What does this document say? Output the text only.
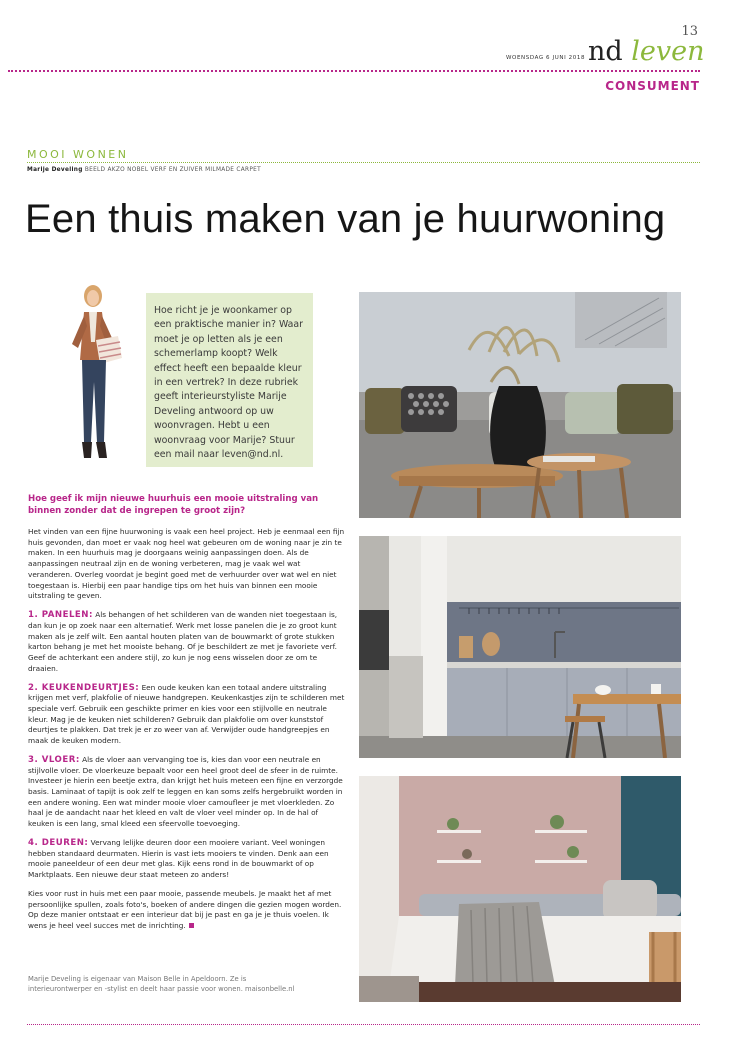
13
WOENSDAG 6 JUNI 2018 nd leven
CONSUMENT
MOOI WONEN
Marije Develing BEELD AKZO NOBEL VERF EN ZUIVER MILMADE CARPET
Een thuis maken van je huurwoning

Hoe richt je je woonkamer op een praktische manier in? Waar moet je op letten als je een schemerlamp koopt? Welk effect heeft een bepaalde kleur in een vertrek? In deze rubriek geeft interieurstyliste Marije Develing antwoord op uw woonvragen. Hebt u een woonvraag voor Marije? Stuur een mail naar leven@nd.nl.

Hoe geef ik mijn nieuwe huurhuis een mooie uitstraling van binnen zonder dat de ingrepen te groot zijn?

Het vinden van een fijne huurwoning is vaak een heel project. Heb je eenmaal een fijn huis gevonden, dan moet er vaak nog heel wat gebeuren om de woning naar je zin te maken. In een huurhuis mag je doorgaans weinig aanpassingen doen. Als de aanpassingen neutraal zijn en de woning verbeteren, mag je vaak wel wat veranderen. Overleg voordat je begint goed met de verhuurder over wat wel en niet toegestaan is. Hierbij een paar handige tips om het huis van binnen een mooie uitstraling te geven.

1. PANELEN: Als behangen of het schilderen van de wanden niet toegestaan is, dan kun je op zoek naar een alternatief. Werk met losse panelen die je zo groot kunt maken als je zelf wilt. Een aantal houten platen van de bouwmarkt of grote stukken karton behang je met het mooiste behang. Of je beschildert ze met je favoriete verf. Geef de achterkant een andere stijl, zo kun je nog eens wisselen door ze om te draaien.

2. KEUKENDEURTJES: Een oude keuken kan een totaal andere uitstraling krijgen met verf, plakfolie of nieuwe handgrepen. Keukenkastjes zijn te schilderen met speciale verf. Gebruik een geschikte primer en kies voor een stijlvolle en neutrale kleur. Mag je de keuken niet schilderen? Gebruik dan plakfolie om over kunststof deurtjes te plakken. Dat trek je er zo weer van af. Verwijder oude handgreepjes en maak de keuken modern.

3. VLOER: Als de vloer aan vervanging toe is, kies dan voor een neutrale en stijlvolle vloer. De vloerkeuze bepaalt voor een heel groot deel de sfeer in de ruimte. Investeer je hierin een beetje extra, dan krijgt het huis meteen een fijne en verzorgde basis. Laminaat of tapijt is ook zelf te leggen en kan soms zelfs hergebruikt worden in een andere woning. Een wat minder mooie vloer camoufleer je met vloerkleden. Zo haal je de aandacht naar het kleed en valt de vloer veel minder op. In de hal of keuken is een lang, smal kleed een sfeervolle toevoeging.

4. DEUREN: Vervang lelijke deuren door een mooiere variant. Veel woningen hebben standaard deurmaten. Hierin is vast iets mooiers te vinden. Denk aan een mooie paneeldeur of een deur met glas. Kijk eens rond in de bouwmarkt of op Marktplaats. Een nieuwe deur staat meteen zo anders!

Kies voor rust in huis met een paar mooie, passende meubels. Je maakt het af met persoonlijke spullen, zoals foto's, boeken of andere dingen die gezien mogen worden. Op deze manier ontstaat er een interieur dat bij je past en ga je je thuis voelen. Ik wens je heel veel succes met de inrichting.

Marije Develing is eigenaar van Maison Belle in Apeldoorn. Ze is interieurontwerper en -stylist en deelt haar passie voor wonen. maisonbelle.nl
